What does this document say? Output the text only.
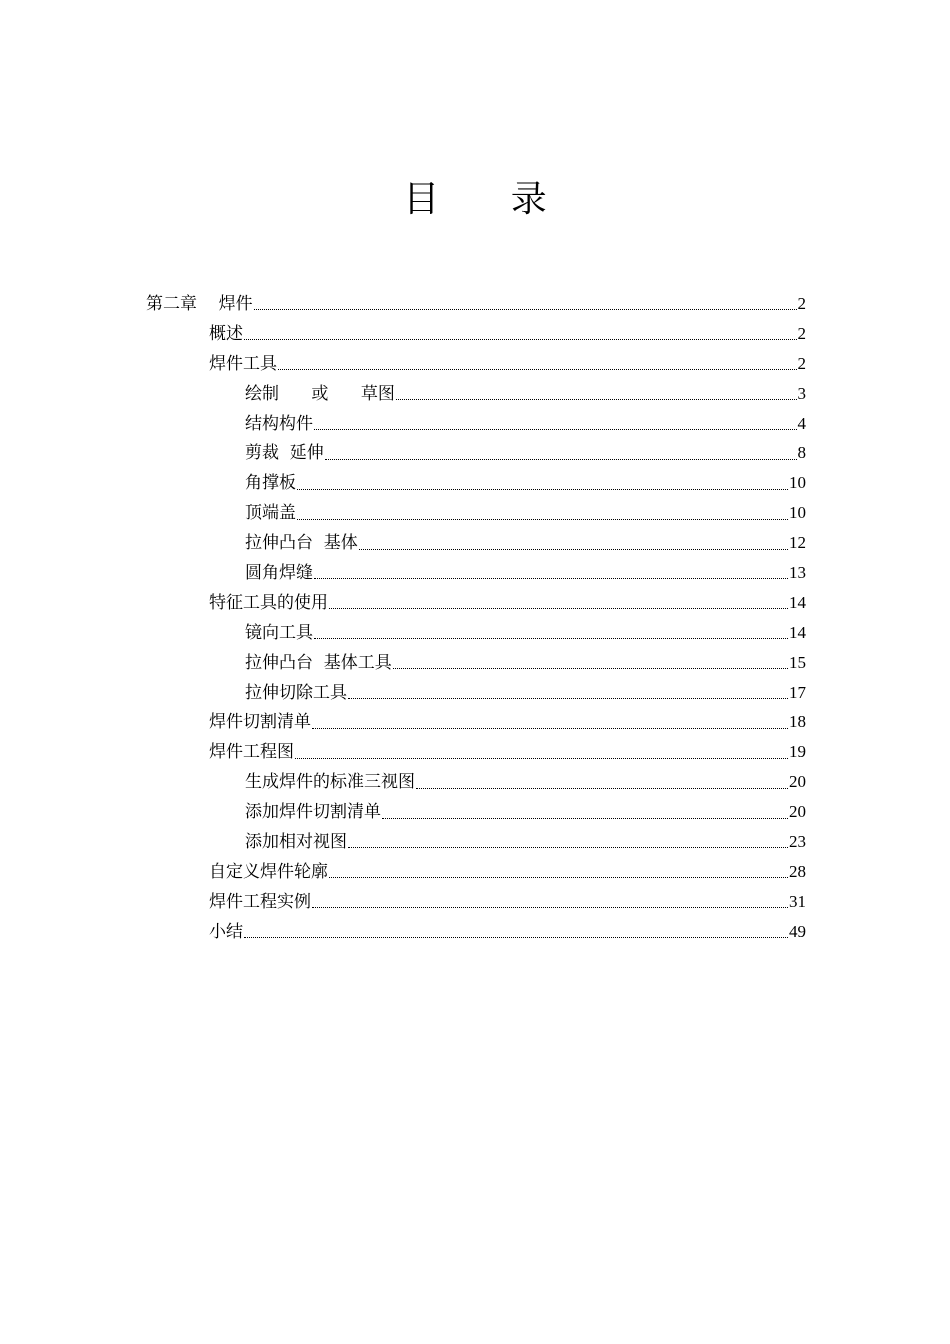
目 录
第二章    焊件	2
概述	2
焊件工具	2
绘制      或      草图	3
结构构件	4
剪裁  延伸	8
角撑板	10
顶端盖	10
拉伸凸台  基体	12
圆角焊缝	13
特征工具的使用	14
镜向工具	14
拉伸凸台  基体工具	15
拉伸切除工具	17
焊件切割清单	18
焊件工程图	19
生成焊件的标准三视图	20
添加焊件切割清单	20
添加相对视图	23
自定义焊件轮廓	28
焊件工程实例	31
小结	49
